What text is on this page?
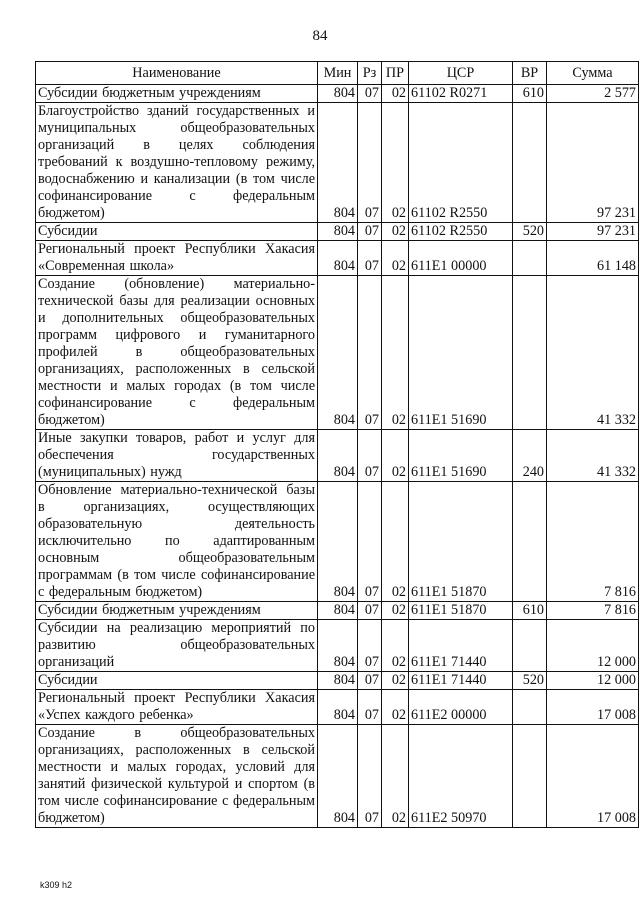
84
Наименование	Мин	Рз	ПР	ЦСР	ВР	Сумма
Субсидии бюджетным учреждениям	804	07	02	61102 R0271	610	2 577
Благоустройство зданий государственных и муниципальных общеобразовательных организаций в целях соблюдения требований к воздушно-тепловому режиму, водоснабжению и канализации (в том числе софинансирование с федеральным бюджетом)	804	07	02	61102 R2550		97 231
Субсидии	804	07	02	61102 R2550	520	97 231
Региональный проект Республики Хакасия «Современная школа»	804	07	02	611E1 00000		61 148
Создание (обновление) материально-технической базы для реализации основных и дополнительных общеобразовательных программ цифрового и гуманитарного профилей в общеобразовательных организациях, расположенных в сельской местности и малых городах (в том числе софинансирование с федеральным бюджетом)	804	07	02	611E1 51690		41 332
Иные закупки товаров, работ и услуг для обеспечения государственных (муниципальных) нужд	804	07	02	611E1 51690	240	41 332
Обновление материально-технической базы в организациях, осуществляющих образовательную деятельность исключительно по адаптированным основным общеобразовательным программам (в том числе софинансирование с федеральным бюджетом)	804	07	02	611E1 51870		7 816
Субсидии бюджетным учреждениям	804	07	02	611E1 51870	610	7 816
Субсидии на реализацию мероприятий по развитию общеобразовательных организаций	804	07	02	611E1 71440		12 000
Субсидии	804	07	02	611E1 71440	520	12 000
Региональный проект Республики Хакасия «Успех каждого ребенка»	804	07	02	611E2 00000		17 008
Создание в общеобразовательных организациях, расположенных в сельской местности и малых городах, условий для занятий физической культурой и спортом (в том числе софинансирование с федеральным бюджетом)	804	07	02	611E2 50970		17 008
k309 h2
